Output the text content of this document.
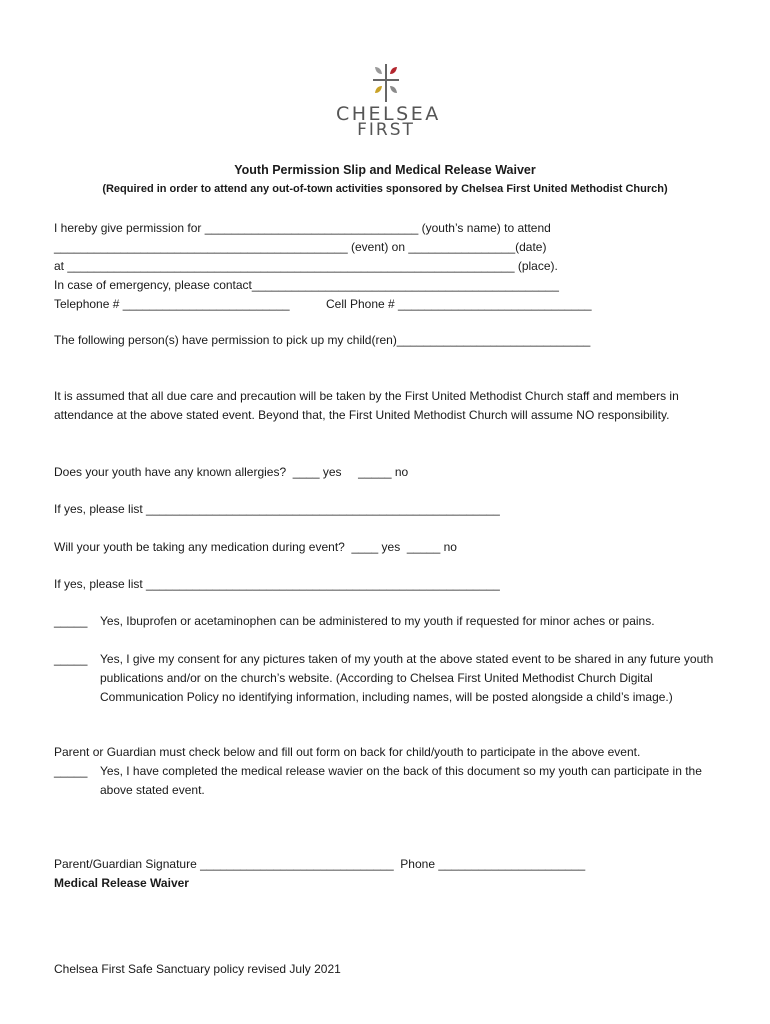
CHELSEA
FIRST
Youth Permission Slip and Medical Release Waiver
(Required in order to attend any out-of-town activities sponsored by Chelsea First United Methodist Church)
I hereby give permission for ________________________________ (youth’s name) to attend
____________________________________________ (event) on ________________(date)
at ___________________________________________________________________ (place).
In case of emergency, please contact______________________________________________
Telephone # _________________________	Cell Phone # _____________________________
The following person(s) have permission to pick up my child(ren)_____________________________
It is assumed that all due care and precaution will be taken by the First United Methodist Church staff and members in attendance at the above stated event. Beyond that, the First United Methodist Church will assume NO responsibility.
Does your youth have any known allergies?  ____ yes     _____ no
If yes, please list _____________________________________________________
Will your youth be taking any medication during event?  ____ yes  _____ no
If yes, please list _____________________________________________________
_____ Yes, Ibuprofen or acetaminophen can be administered to my youth if requested for minor aches or pains.
_____ Yes, I give my consent for any pictures taken of my youth at the above stated event to be shared in any future youth publications and/or on the church’s website. (According to Chelsea First United Methodist Church Digital Communication Policy no identifying information, including names, will be posted alongside a child’s image.)
Parent or Guardian must check below and fill out form on back for child/youth to participate in the above event.
_____ Yes, I have completed the medical release wavier on the back of this document so my youth can participate in the above stated event.
Parent/Guardian Signature _____________________________  Phone ______________________
Medical Release Waiver
Chelsea First Safe Sanctuary policy revised July 2021
